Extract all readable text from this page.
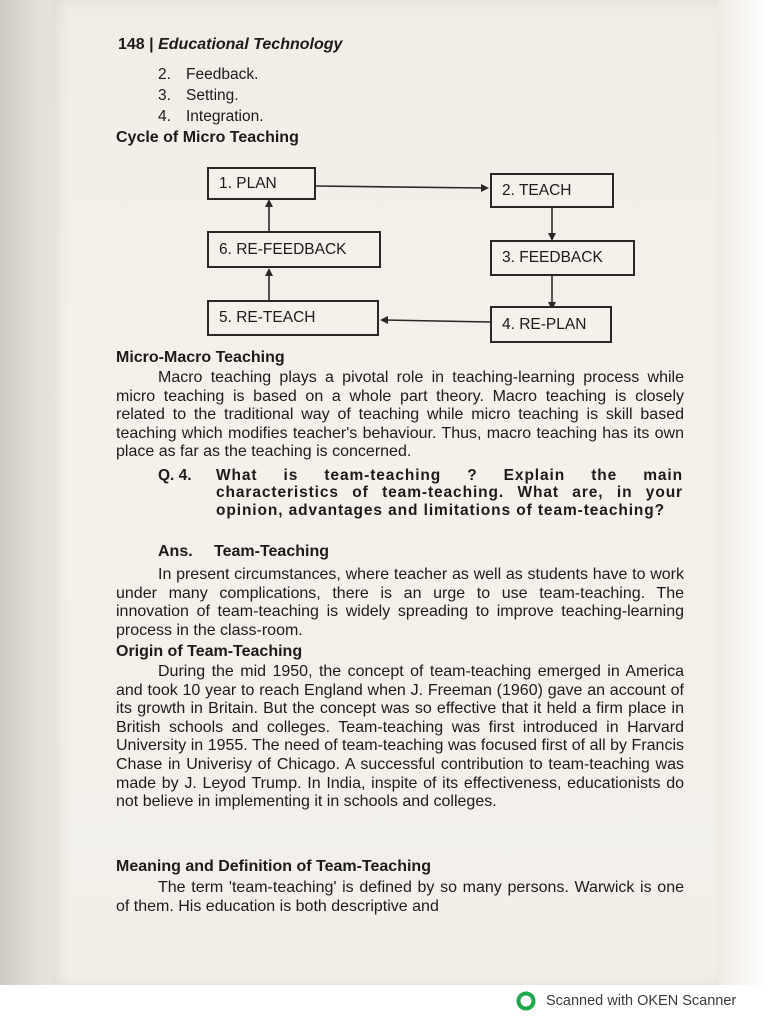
148 | Educational Technology
2. Feedback.
3. Setting.
4. Integration.
Cycle of Micro Teaching
1. PLAN	2. TEACH
3. FEEDBACK
4. RE-PLAN
5. RE-TEACH
6. RE-FEEDBACK
Micro-Macro Teaching
Macro teaching plays a pivotal role in teaching-learning process while micro teaching is based on a whole part theory. Macro teaching is closely related to the traditional way of teaching while micro teaching is skill based teaching which modifies teacher's behaviour. Thus, macro teaching has its own place as far as the teaching is concerned.
Q. 4. What is team-teaching ? Explain the main characteristics of team-teaching. What are, in your opinion, advantages and limitations of team-teaching?
Ans. Team-Teaching
In present circumstances, where teacher as well as students have to work under many complications, there is an urge to use team-teaching. The innovation of team-teaching is widely spreading to improve teaching-learning process in the class-room.
Origin of Team-Teaching
During the mid 1950, the concept of team-teaching emerged in America and took 10 year to reach England when J. Freeman (1960) gave an account of its growth in Britain. But the concept was so effective that it held a firm place in British schools and colleges. Team-teaching was first introduced in Harvard University in 1955. The need of team-teaching was focused first of all by Francis Chase in Univerisy of Chicago. A successful contribution to team-teaching was made by J. Leyod Trump. In India, inspite of its effectiveness, educationists do not believe in implementing it in schools and colleges.
Meaning and Definition of Team-Teaching
The term 'team-teaching' is defined by so many persons. Warwick is one of them. His education is both descriptive and
Scanned with OKEN Scanner
